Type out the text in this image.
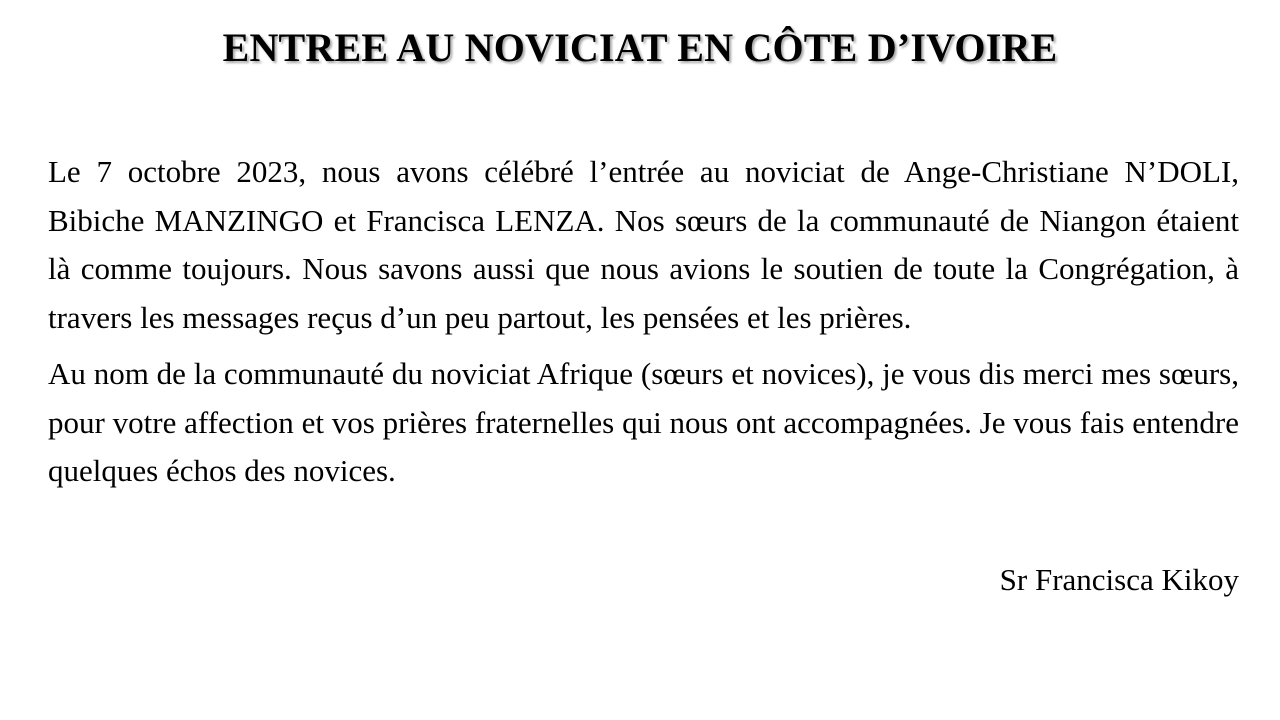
ENTREE AU NOVICIAT EN CÔTE D’IVOIRE

Le 7 octobre 2023, nous avons célébré l’entrée au noviciat de Ange-Christiane N’DOLI, Bibiche MANZINGO et Francisca LENZA. Nos sœurs de la communauté de Niangon étaient là comme toujours. Nous savons aussi que nous avions le soutien de toute la Congrégation, à travers les messages reçus d’un peu partout, les pensées et les prières.

Au nom de la communauté du noviciat Afrique (sœurs et novices), je vous dis merci mes sœurs, pour votre affection et vos prières fraternelles qui nous ont accompagnées. Je vous fais entendre quelques échos des novices.

Sr Francisca Kikoy
